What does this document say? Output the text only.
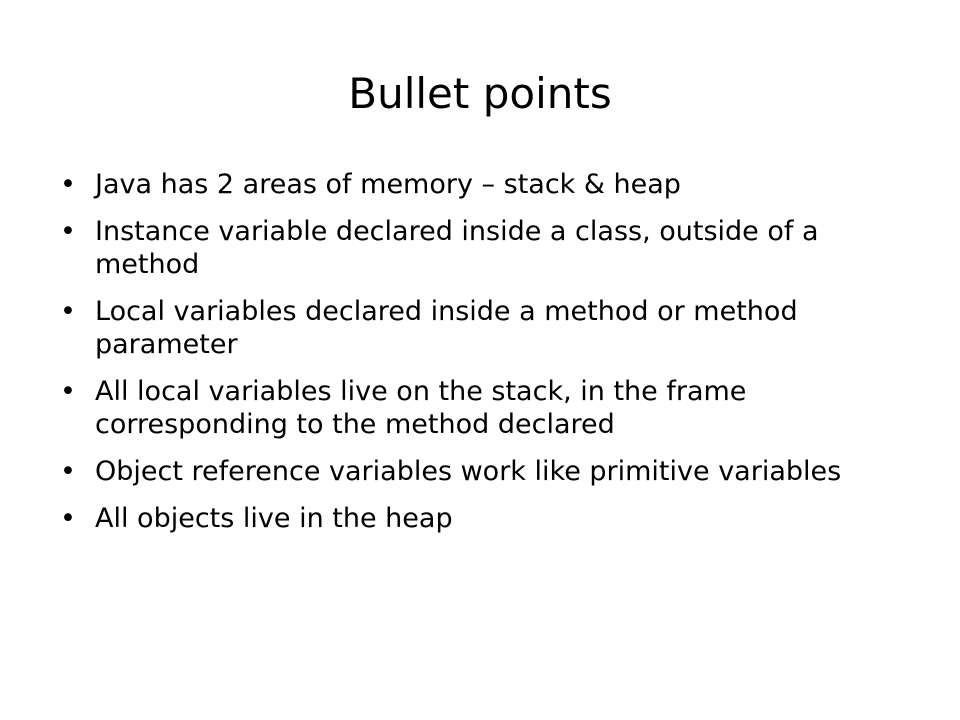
Bullet points
• Java has 2 areas of memory – stack & heap
• Instance variable declared inside a class, outside of a method
• Local variables declared inside a method or method parameter
• All local variables live on the stack, in the frame corresponding to the method declared
• Object reference variables work like primitive variables
• All objects live in the heap
